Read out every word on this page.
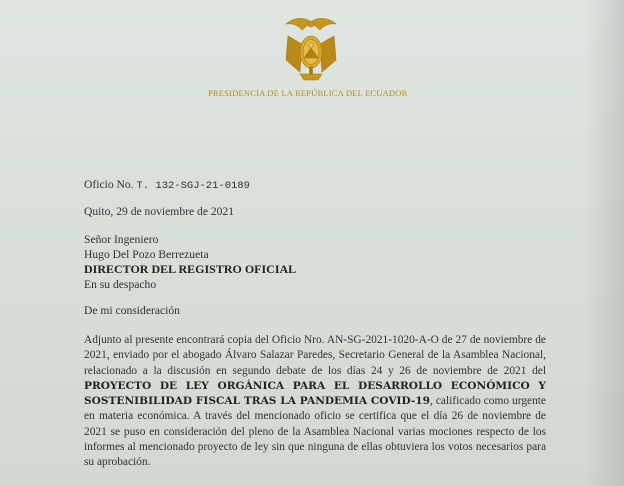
PRESIDENCIA DE LA REPÚBLICA DEL ECUADOR
Oficio No. T. 132-SGJ-21-0189
Quito, 29 de noviembre de 2021
Señor Ingeniero
Hugo Del Pozo Berrezueta
DIRECTOR DEL REGISTRO OFICIAL
En su despacho
De mi consideración
Adjunto al presente encontrará copia del Oficio Nro. AN-SG-2021-1020-A-O de 27 de noviembre de 2021, enviado por el abogado Álvaro Salazar Paredes, Secretario General de la Asamblea Nacional, relacionado a la discusión en segundo debate de los días 24 y 26 de noviembre de 2021 del PROYECTO DE LEY ORGÁNICA PARA EL DESARROLLO ECONÓMICO Y SOSTENIBILIDAD FISCAL TRAS LA PANDEMIA COVID-19, calificado como urgente en materia económica. A través del mencionado oficio se certifica que el día 26 de noviembre de 2021 se puso en consideración del pleno de la Asamblea Nacional varias mociones respecto de los informes al mencionado proyecto de ley sin que ninguna de ellas obtuviera los votos necesarios para su aprobación.
